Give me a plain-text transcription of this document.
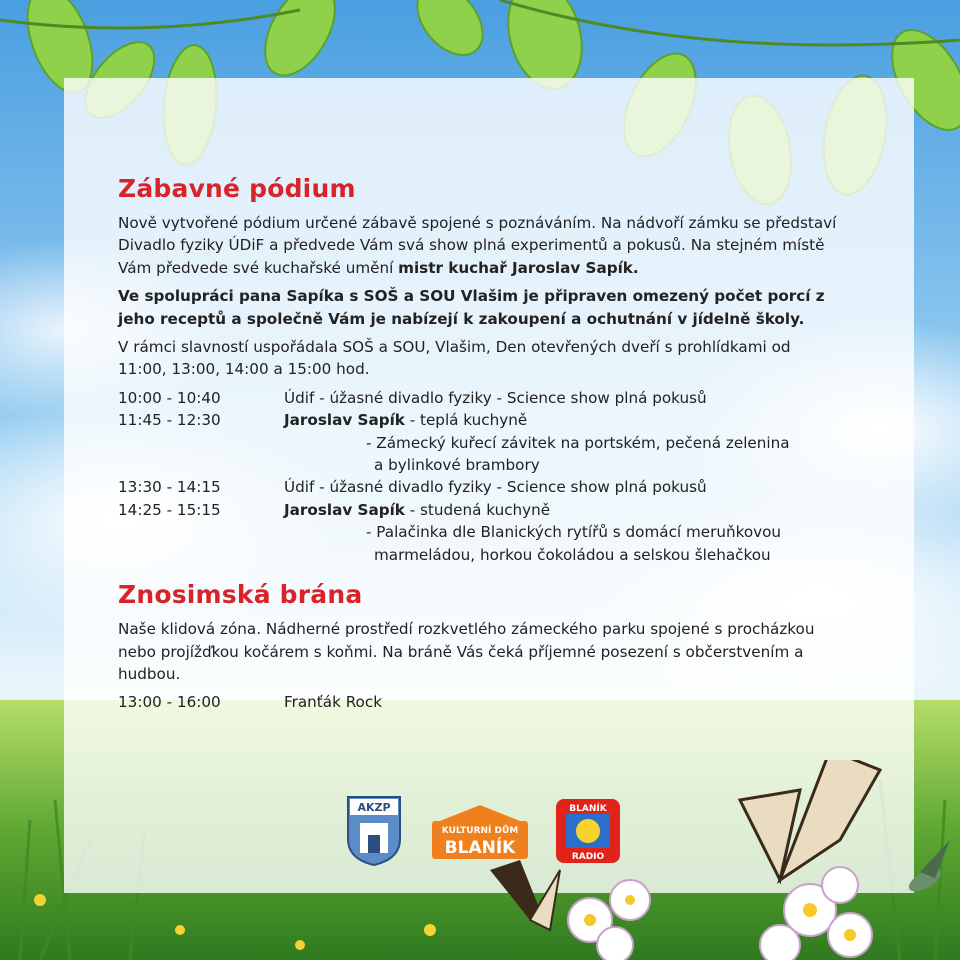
Zábavné pódium

Nově vytvořené pódium určené zábavě spojené s poznáváním. Na nádvoří zámku se představí Divadlo fyziky ÚDiF a předvede Vám svá show plná experimentů a pokusů. Na stejném místě Vám předvede své kuchařské umění mistr kuchař Jaroslav Sapík.

Ve spolupráci pana Sapíka s SOŠ a SOU Vlašim je připraven omezený počet porcí z jeho receptů a společně Vám je nabízejí k zakoupení a ochutnání v jídelně školy.

V rámci slavností uspořádala SOŠ a SOU, Vlašim, Den otevřených dveří s prohlídkami od 11:00, 13:00, 14:00 a 15:00 hod.

10:00 - 10:40	Údif - úžasné divadlo fyziky - Science show plná pokusů
11:45 - 12:30	Jaroslav Sapík - teplá kuchyně
- Zámecký kuřecí závitek na portském, pečená zelenina
a bylinkové brambory
13:30 - 14:15	Údif - úžasné divadlo fyziky - Science show plná pokusů
14:25 - 15:15	Jaroslav Sapík - studená kuchyně
- Palačinka dle Blanických rytířů s domácí meruňkovou
marmeládou, horkou čokoládou a selskou šlehačkou
Znosimská brána

Naše klidová zóna. Nádherné prostředí rozkvetlého zámeckého parku spojené s procházkou nebo projížďkou kočárem s koňmi. Na bráně Vás čeká příjemné posezení s občerstvením a hudbou.

13:00 - 16:00	Franťák Rock
AKZP
KULTURNÍ DŮM
BLANÍK
BLANÍK
RADIO
